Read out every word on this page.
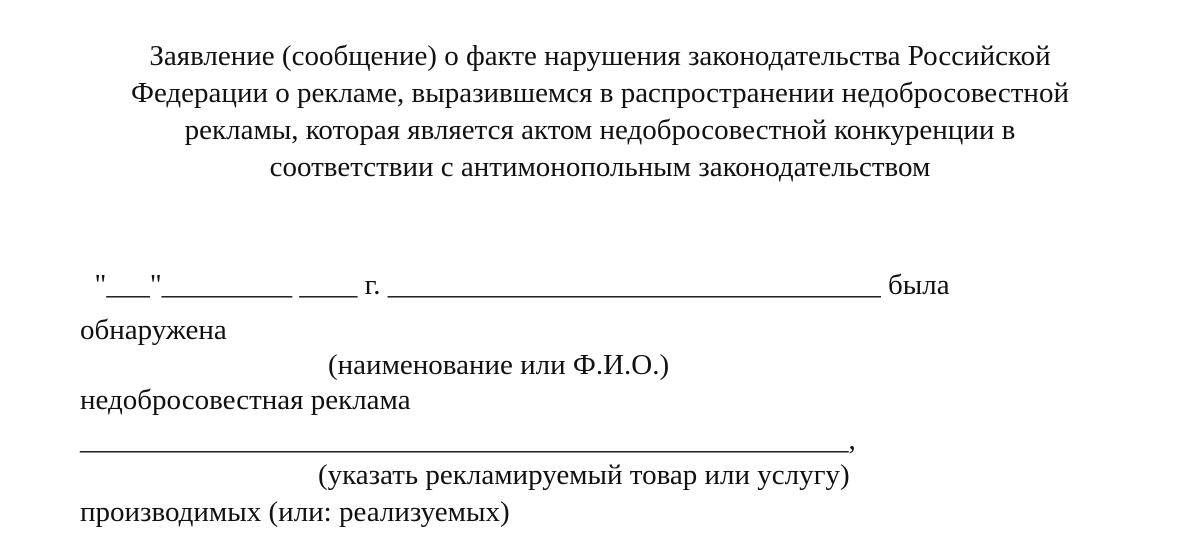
Заявление (сообщение) о факте нарушения законодательства Российской
Федерации о рекламе, выразившемся в распространении недобросовестной
рекламы, которая является актом недобросовестной конкуренции в
соответствии с антимонопольным законодательством
"___"_________ ____ г. __________________________________ была
обнаружена
(наименование или Ф.И.О.)
недобросовестная реклама
_____________________________________________________,
(указать рекламируемый товар или услугу)
производимых (или: реализуемых)
